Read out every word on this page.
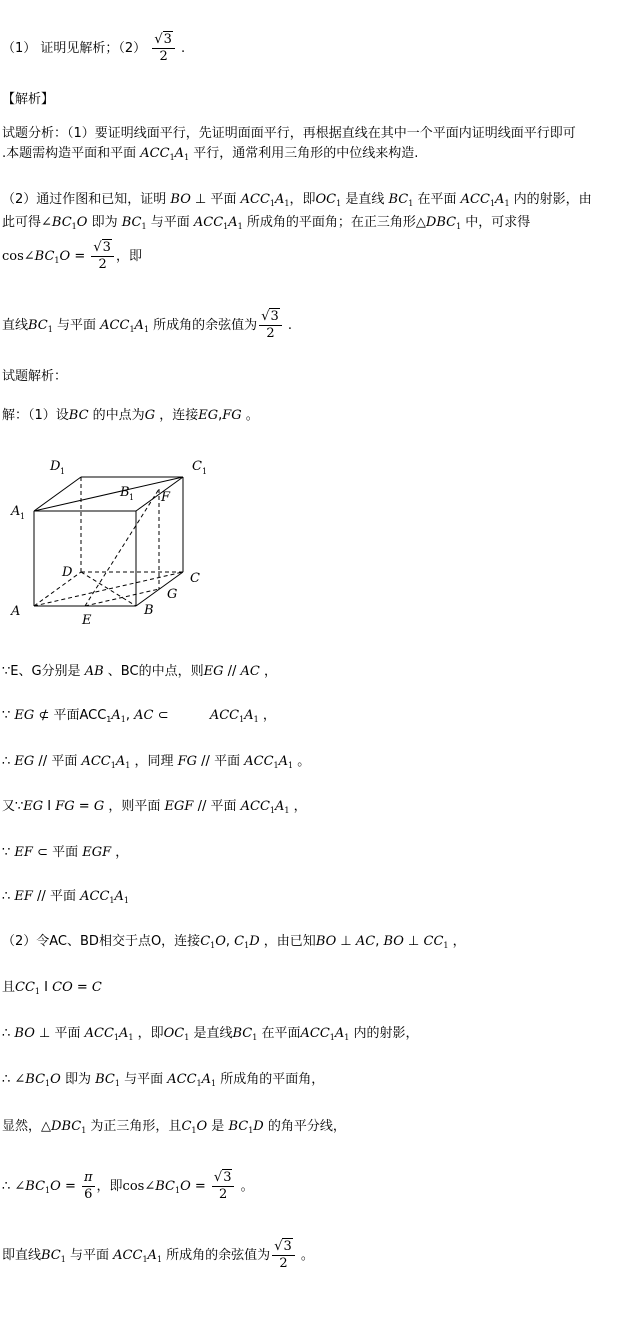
（1） 证明见解析；$(2) \frac{√3}{2}$ .
【解析】
试题分析：（1）要证明线面平行，先证明面面平行，再根据直线在其中一个平面内证明线面平行即可
.本题需构造平面和平面 $ACC_1A_1$ 平行，通常利用三角形的中位线来构造.
（2）通过作图和已知，证明 BO ⊥ 平面 $ACC_1A_1$，即$OC_1$ 是直线 $BC_1$ 在平面 $ACC_1A_1$ 内的射影，由
此可得$\angle BC_1O$ 即为 $BC_1$ 与平面 $ACC_1A_1$ 所成角的平面角；在正三角形$\triangle DBC_1$ 中，可求得
$\cos\angle BC_1O = \frac{√3}{2}$ ，即
直线$BC_1$ 与平面 $ACC_1A_1$ 所成角的余弦值为 $\frac{√3}{2}$ .
试题解析：
解：（1）设BC 的中点为G ，连接EG,FG 。
D 1	C 1
B 1 F
A 1
D	C
G
A	B
E
∵E、G分别是 AB 、BC的中点，则EG // AC ，
∵ EG ⊄ 平面$ACC_1A_1$, AC ⊂          $ACC_1A_1$ ，
∴ EG // 平面 $ACC_1A_1$ ，同理 FG // 平面 $ACC_1A_1$ 。
又∵EG I FG = G ，则平面 EGF // 平面 $ACC_1A_1$ ，
∵ EF ⊂ 平面 EGF ，
∴ EF // 平面 $ACC_1A_1$
（2）令AC、BD相交于点O，连接$C_1O$, $C_1D$ ，由已知BO ⊥ AC, BO ⊥ $CC_1$ ，
且$CC_1$ I CO = C
∴ BO ⊥ 平面 $ACC_1A_1$ ，即$OC_1$ 是直线$BC_1$ 在平面$ACC_1A_1$ 内的射影，
∴ $\angle BC_1O$ 即为 $BC_1$ 与平面 $ACC_1A_1$ 所成角的平面角，
显然，$\triangle DBC_1$ 为正三角形，且$C_1O$ 是 $BC_1D$ 的角平分线，
∴ $\angle BC_1O = \frac{\pi}{6}$ ，即$\cos\angle BC_1O = \frac{√3}{2}$ 。
即直线$BC_1$ 与平面 $ACC_1A_1$ 所成角的余弦值为 $\frac{√3}{2}$ 。
